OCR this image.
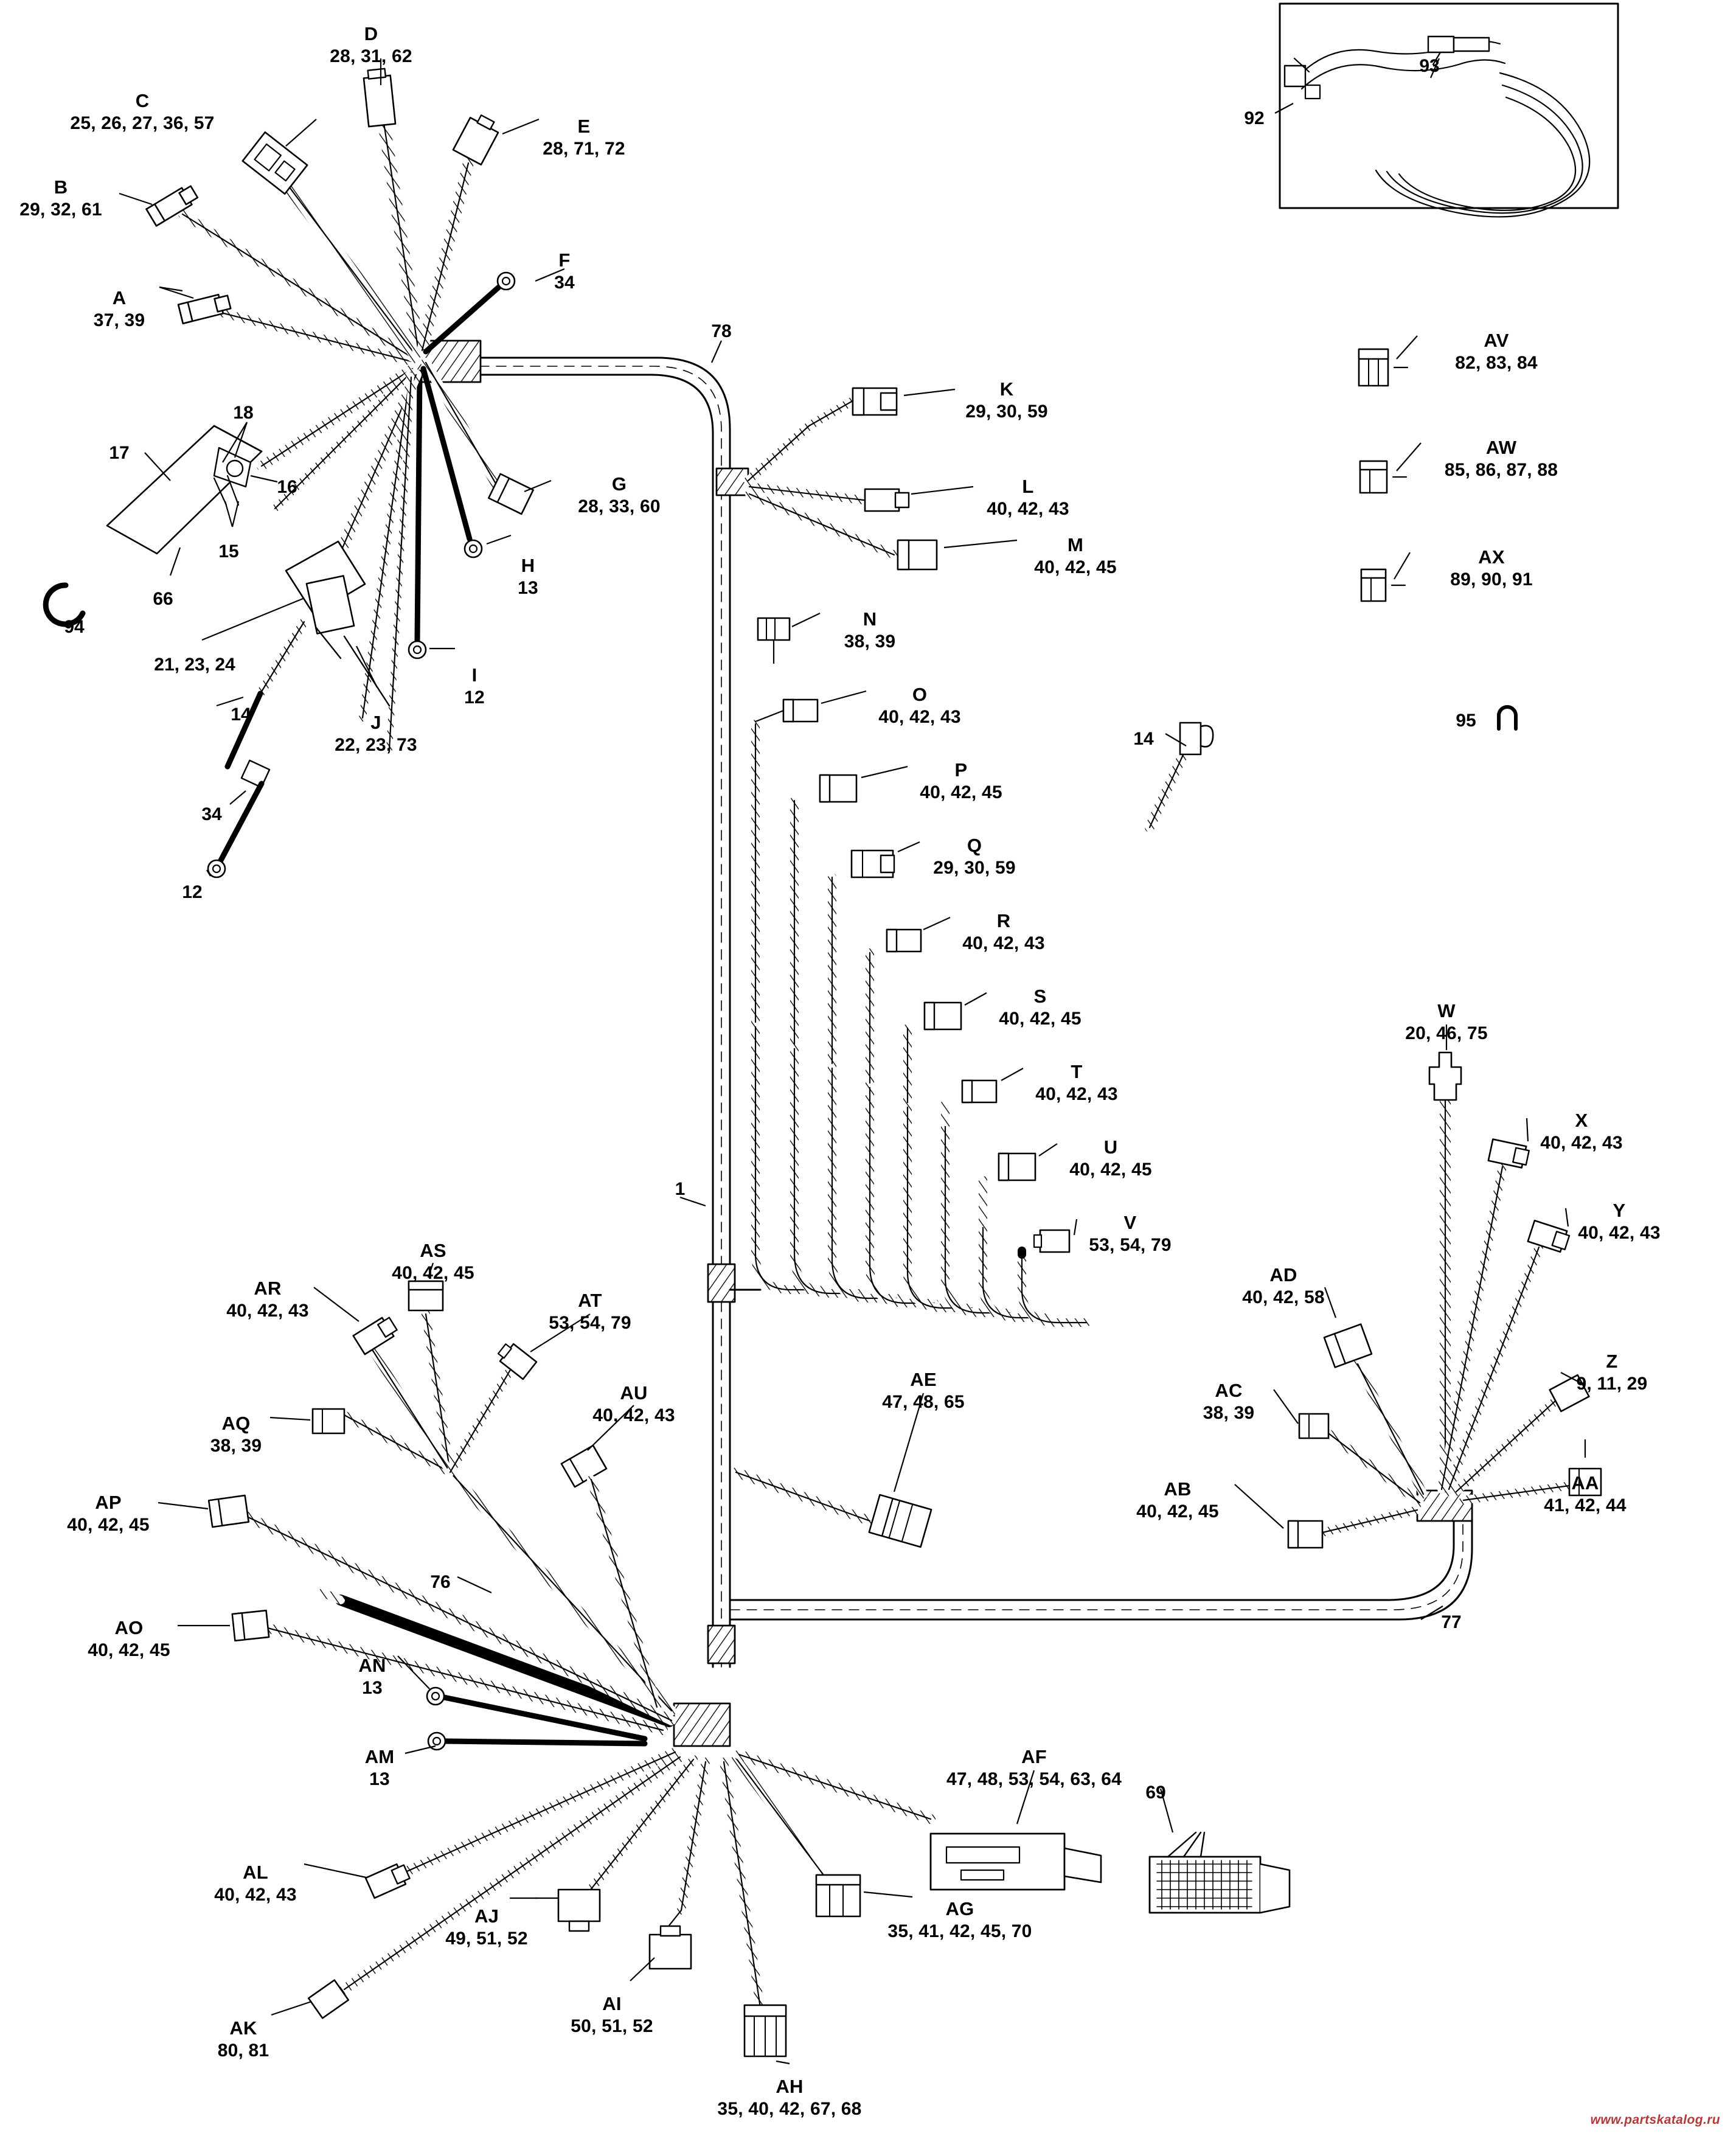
A
37, 39
B
29, 32, 61
C
25, 26, 27, 36, 57
D
28, 31, 62
E
28, 71, 72
F
34
G
28, 33, 60
H
13
I
12
J
22, 23, 73
K
29, 30, 59
L
40, 42, 43
M
40, 42, 45
N
38, 39
O
40, 42, 43
P
40, 42, 45
Q
29, 30, 59
R
40, 42, 43
S
40, 42, 45
T
40, 42, 43
U
40, 42, 45
V
53, 54, 79
W
20, 46, 75
X
40, 42, 43
Y
40, 42, 43
Z
9, 11, 29
AA
41, 42, 44
AB
40, 42, 45
AC
38, 39
AD
40, 42, 58
AE
47, 48, 65
AF
47, 48, 53, 54, 63, 64
AG
35, 41, 42, 45, 70
AH
35, 40, 42, 67, 68
AI
50, 51, 52
AJ
49, 51, 52
AK
80, 81
AL
40, 42, 43
AM
13
AN
13
AO
40, 42, 45
AP
40, 42, 45
AQ
38, 39
AR
40, 42, 43
AS
40, 42, 45
AT
53, 54, 79
AU
40, 42, 43
AV
82, 83, 84
AW
85, 86, 87, 88
AX
89, 90, 91
78
17
18
16
15
66
94
21, 23, 24
14
34
12
1
14
95
92
93
76
77
69
www.partskatalog.ru
